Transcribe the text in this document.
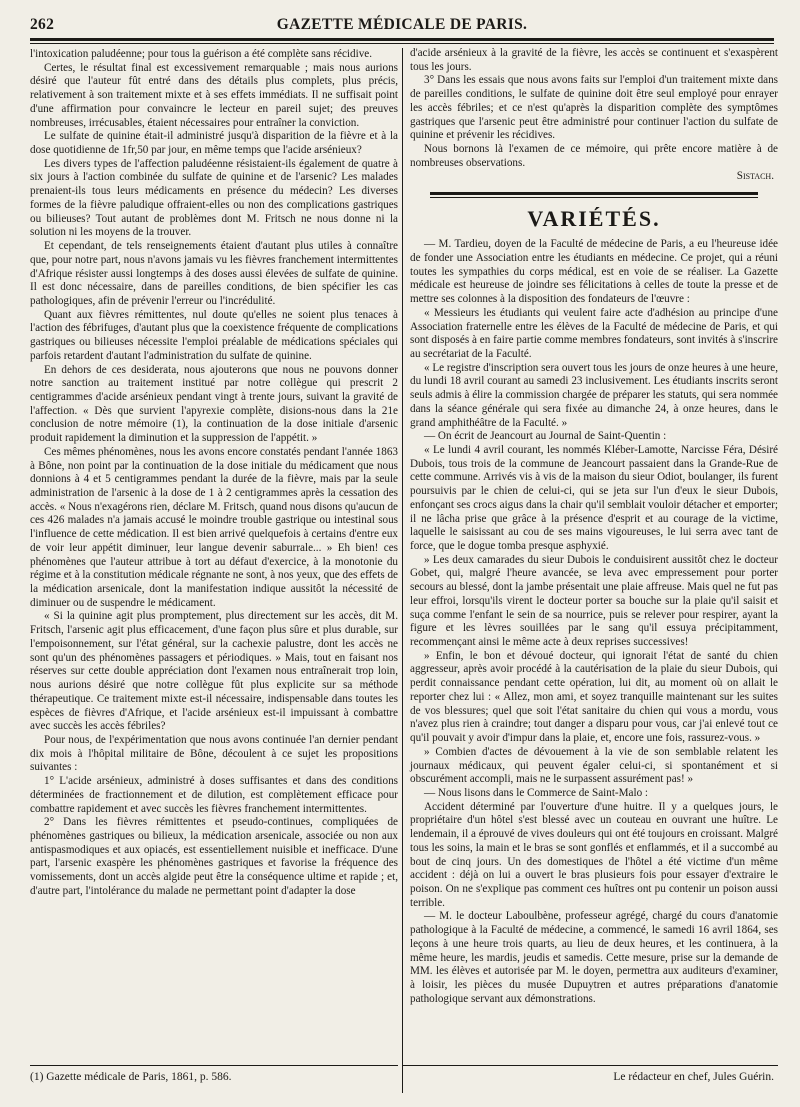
262	GAZETTE MÉDICALE DE PARIS.

l'intoxication paludéenne; pour tous la guérison a été complète sans récidive.

Certes, le résultat final est excessivement remarquable ; mais nous aurions désiré que l'auteur fût entré dans des détails plus complets, plus précis, relativement à son traitement mixte et à ses effets immédiats. Il ne suffisait point d'une affirmation pour convaincre le lecteur en pareil sujet; des preuves nombreuses, irrécusables, étaient nécessaires pour entraîner la conviction.

Le sulfate de quinine était-il administré jusqu'à disparition de la fièvre et à la dose quotidienne de 1fr,50 par jour, en même temps que l'acide arsénieux?

Les divers types de l'affection paludéenne résistaient-ils également de quatre à six jours à l'action combinée du sulfate de quinine et de l'arsenic? Les malades prenaient-ils tous leurs médicaments en présence du médecin? Les diverses formes de la fièvre paludique offraient-elles ou non des complications gastriques ou bilieuses? Tout autant de problèmes dont M. Fritsch ne nous donne ni la solution ni les moyens de la trouver.

Et cependant, de tels renseignements étaient d'autant plus utiles à connaître que, pour notre part, nous n'avons jamais vu les fièvres franchement intermittentes d'Afrique résister aussi longtemps à des doses aussi élevées de sulfate de quinine. Il est donc nécessaire, dans de pareilles conditions, de bien spécifier les cas pathologiques, afin de prévenir l'erreur ou l'incrédulité.

Quant aux fièvres rémittentes, nul doute qu'elles ne soient plus tenaces à l'action des fébrifuges, d'autant plus que la coexistence fréquente de complications gastriques ou bilieuses nécessite l'emploi préalable de médications spéciales qui parfois retardent d'autant l'administration du sulfate de quinine.

En dehors de ces desiderata, nous ajouterons que nous ne pouvons donner notre sanction au traitement institué par notre collègue qui prescrit 2 centigrammes d'acide arsénieux pendant vingt à trente jours, suivant la gravité de l'affection. « Dès que survient l'apyrexie complète, disions-nous dans la 21e conclusion de notre mémoire (1), la continuation de la dose initiale d'arsenic produit rapidement la diminution et la suppression de l'appétit. »

Ces mêmes phénomènes, nous les avons encore constatés pendant l'année 1863 à Bône, non point par la continuation de la dose initiale du médicament que nous donnions à 4 et 5 centigrammes pendant la durée de la fièvre, mais par la seule administration de l'arsenic à la dose de 1 à 2 centigrammes après la cessation des accès. « Nous n'exagérons rien, déclare M. Fritsch, quand nous disons qu'aucun de ces 426 malades n'a jamais accusé le moindre trouble gastrique ou intestinal sous l'influence de cette médication. Il est bien arrivé quelquefois à certains d'entre eux de voir leur appétit diminuer, leur langue devenir saburrale... » Eh bien! ces phénomènes que l'auteur attribue à tort au défaut d'exercice, à la monotonie du régime et à la constitution médicale régnante ne sont, à nos yeux, que des effets de la médication arsenicale, dont la manifestation indique aussitôt la nécessité de diminuer ou de suspendre le médicament.

« Si la quinine agit plus promptement, plus directement sur les accès, dit M. Fritsch, l'arsenic agit plus efficacement, d'une façon plus sûre et plus durable, sur l'empoisonnement, sur l'état général, sur la cachexie palustre, dont les accès ne sont qu'un des phénomènes passagers et périodiques. » Mais, tout en faisant nos réserves sur cette double appréciation dont l'examen nous entraînerait trop loin, nous aurions désiré que notre collègue fût plus explicite sur sa méthode thérapeutique. Ce traitement mixte est-il nécessaire, indispensable dans toutes les espèces de fièvres d'Afrique, et l'acide arsénieux est-il impuissant à combattre avec succès les accès fébriles?

Pour nous, de l'expérimentation que nous avons continuée l'an dernier pendant dix mois à l'hôpital militaire de Bône, découlent à ce sujet les propositions suivantes :

1° L'acide arsénieux, administré à doses suffisantes et dans des conditions déterminées de fractionnement et de dilution, est complètement efficace pour combattre rapidement et avec succès les fièvres franchement intermittentes.

2° Dans les fièvres rémittentes et pseudo-continues, compliquées de phénomènes gastriques ou bilieux, la médication arsenicale, associée ou non aux antispasmodiques et aux opiacés, est essentiellement nuisible et inefficace. D'une part, l'arsenic exaspère les phénomènes gastriques et favorise la fréquence des vomissements, dont un accès algide peut être la conséquence ultime et rapide ; et, d'autre part, l'intolérance du malade ne permettant point d'adapter la dose

d'acide arsénieux à la gravité de la fièvre, les accès se continuent et s'exaspèrent tous les jours.

3° Dans les essais que nous avons faits sur l'emploi d'un traitement mixte dans de pareilles conditions, le sulfate de quinine doit être seul employé pour enrayer les accès fébriles; et ce n'est qu'après la disparition complète des symptômes gastriques que l'arsenic peut être administré pour continuer l'action du sulfate de quinine et prévenir les récidives.

Nous bornons là l'examen de ce mémoire, qui prête encore matière à de nombreuses observations.

Sistach.
VARIÉTÉS.

— M. Tardieu, doyen de la Faculté de médecine de Paris, a eu l'heureuse idée de fonder une Association entre les étudiants en médecine. Ce projet, qui a réuni toutes les sympathies du corps médical, est en voie de se réaliser. La Gazette médicale est heureuse de joindre ses félicitations à celles de toute la presse et de mettre ses colonnes à la disposition des fondateurs de l'œuvre :

« Messieurs les étudiants qui veulent faire acte d'adhésion au principe d'une Association fraternelle entre les élèves de la Faculté de médecine de Paris, et qui sont disposés à en faire partie comme membres fondateurs, sont invités à s'inscrire au secrétariat de la Faculté.

« Le registre d'inscription sera ouvert tous les jours de onze heures à une heure, du lundi 18 avril courant au samedi 23 inclusivement. Les étudiants inscrits seront seuls admis à élire la commission chargée de préparer les statuts, qui sera nommée dans la séance générale qui sera fixée au dimanche 24, à onze heures, dans le grand amphithéâtre de la Faculté. »

— On écrit de Jeancourt au Journal de Saint-Quentin :

« Le lundi 4 avril courant, les nommés Kléber-Lamotte, Narcisse Féra, Désiré Dubois, tous trois de la commune de Jeancourt passaient dans la Grande-Rue de cette commune. Arrivés vis à vis de la maison du sieur Odiot, boulanger, ils furent poursuivis par le chien de celui-ci, qui se jeta sur l'un d'eux le sieur Dubois, enfonçant ses crocs aigus dans la chair qu'il semblait vouloir détacher et emporter; il ne lâcha prise que grâce à la présence d'esprit et au courage de la victime, laquelle le saisissant au cou de ses mains vigoureuses, le lui serra avec tant de force, que le dogue tomba presque asphyxié.

» Les deux camarades du sieur Dubois le conduisirent aussitôt chez le docteur Gobet, qui, malgré l'heure avancée, se leva avec empressement pour porter secours au blessé, dont la jambe présentait une plaie affreuse. Mais quel ne fut pas leur effroi, lorsqu'ils virent le docteur porter sa bouche sur la plaie qu'il saisit et suça comme l'enfant le sein de sa nourrice, puis se relever pour respirer, ayant la figure et les lèvres souillées par le sang qu'il essuya précipitamment, recommençant ainsi le même acte à deux reprises successives!

» Enfin, le bon et dévoué docteur, qui ignorait l'état de santé du chien aggresseur, après avoir procédé à la cautérisation de la plaie du sieur Dubois, qui perdit connaissance pendant cette opération, lui dit, au moment où on allait le reporter chez lui : « Allez, mon ami, et soyez tranquille maintenant sur les suites de vos blessures; quel que soit l'état sanitaire du chien qui vous a mordu, vous n'avez plus rien à craindre; tout danger a disparu pour vous, car j'ai enlevé tout ce qu'il pouvait y avoir d'impur dans la plaie, et, encore une fois, rassurez-vous. »

» Combien d'actes de dévouement à la vie de son semblable relatent les journaux médicaux, qui peuvent égaler celui-ci, si spontanément et si obscurément accompli, mais ne le surpassent assurément pas! »

— Nous lisons dans le Commerce de Saint-Malo :

Accident déterminé par l'ouverture d'une huitre. Il y a quelques jours, le propriétaire d'un hôtel s'est blessé avec un couteau en ouvrant une huître. Le lendemain, il a éprouvé de vives douleurs qui ont été toujours en croissant. Malgré tous les soins, la main et le bras se sont gonflés et enflammés, et il a succombé au bout de cinq jours. Un des domestiques de l'hôtel a été victime d'un même accident : déjà on lui a ouvert le bras plusieurs fois pour essayer d'extraire le poison. On ne s'explique pas comment ces huîtres ont pu contenir un poison aussi terrible.

— M. le docteur Laboulbène, professeur agrégé, chargé du cours d'anatomie pathologique à la Faculté de médecine, a commencé, le samedi 16 avril 1864, ses leçons à une heure trois quarts, au lieu de deux heures, et les continuera, à la même heure, les mardis, jeudis et samedis. Cette mesure, prise sur la demande de MM. les élèves et autorisée par M. le doyen, permettra aux auditeurs d'examiner, à loisir, les pièces du musée Dupuytren et autres préparations d'anatomie pathologique servant aux démonstrations.

(1) Gazette médicale de Paris, 1861, p. 586.	Le rédacteur en chef, Jules Guérin.
